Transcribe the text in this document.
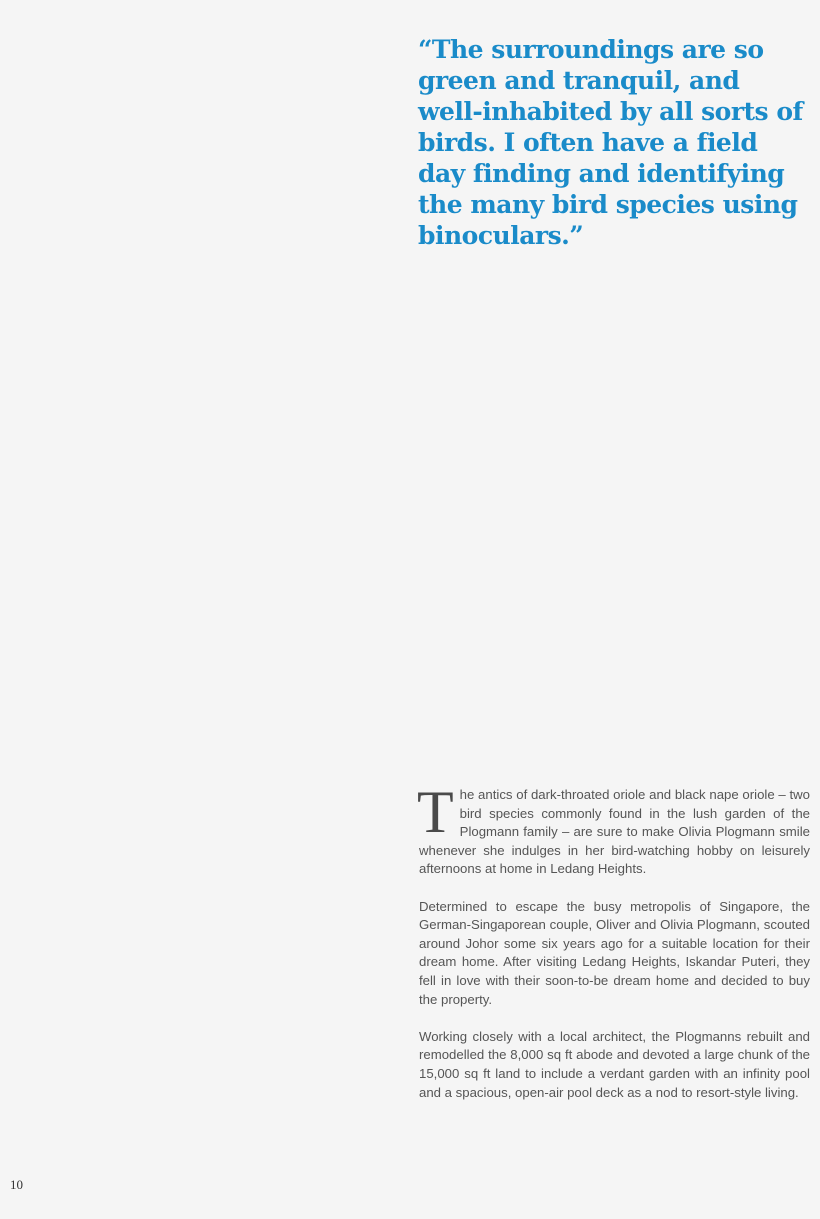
“The surroundings are so green and tranquil, and well-inhabited by all sorts of birds. I often have a field day finding and identifying the many bird species using binoculars.”

The antics of dark-throated oriole and black nape oriole – two bird species commonly found in the lush garden of the Plogmann family – are sure to make Olivia Plogmann smile whenever she indulges in her bird-watching hobby on leisurely afternoons at home in Ledang Heights.

Determined to escape the busy metropolis of Singapore, the German-Singaporean couple, Oliver and Olivia Plogmann, scouted around Johor some six years ago for a suitable location for their dream home. After visiting Ledang Heights, Iskandar Puteri, they fell in love with their soon-to-be dream home and decided to buy the property.

Working closely with a local architect, the Plogmanns rebuilt and remodelled the 8,000 sq ft abode and devoted a large chunk of the 15,000 sq ft land to include a verdant garden with an infinity pool and a spacious, open-air pool deck as a nod to resort-style living.

10
